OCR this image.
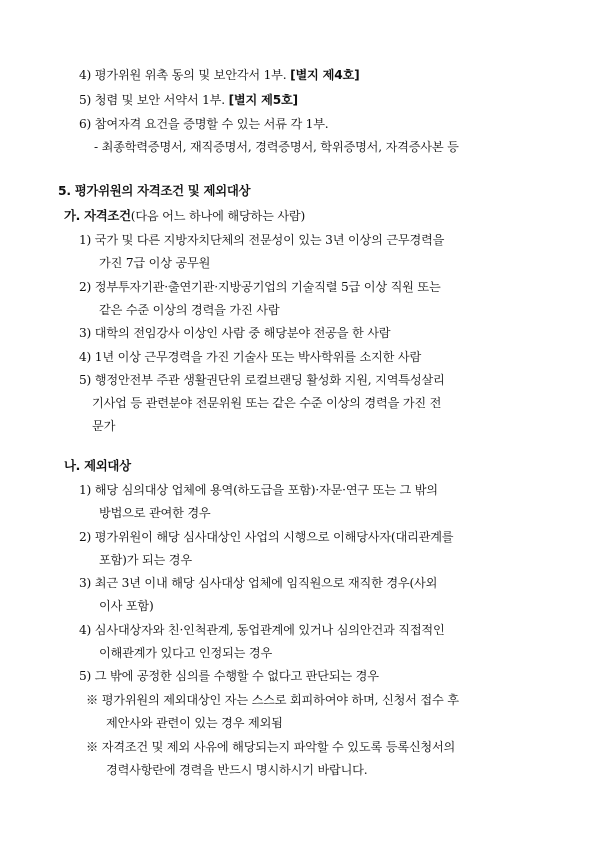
4) 평가위원 위촉 동의 및 보안각서 1부. [별지 제4호]
5) 청렴 및 보안 서약서 1부. [별지 제5호]
6) 참여자격 요건을 증명할 수 있는 서류 각 1부.
- 최종학력증명서, 재직증명서, 경력증명서, 학위증명서, 자격증사본 등
5. 평가위원의 자격조건 및 제외대상
가. 자격조건(다음 어느 하나에 해당하는 사람)
1) 국가 및 다른 지방자치단체의 전문성이 있는 3년 이상의 근무경력을
가진 7급 이상 공무원
2) 정부투자기관·출연기관·지방공기업의 기술직렬 5급 이상 직원 또는
같은 수준 이상의 경력을 가진 사람
3) 대학의 전임강사 이상인 사람 중 해당분야 전공을 한 사람
4) 1년 이상 근무경력을 가진 기술사 또는 박사학위를 소지한 사람
5) 행정안전부 주관 생활권단위 로컬브랜딩 활성화 지원, 지역특성살리
기사업 등 관련분야 전문위원 또는 같은 수준 이상의 경력을 가진 전
문가
나. 제외대상
1) 해당 심의대상 업체에 용역(하도급을 포함)·자문·연구 또는 그 밖의
방법으로 관여한 경우
2) 평가위원이 해당 심사대상인 사업의 시행으로 이해당사자(대리관계를
포함)가 되는 경우
3) 최근 3년 이내 해당 심사대상 업체에 임직원으로 재직한 경우(사외
이사 포함)
4) 심사대상자와 친·인척관계, 동업관계에 있거나 심의안건과 직접적인
이해관계가 있다고 인정되는 경우
5) 그 밖에 공정한 심의를 수행할 수 없다고 판단되는 경우
※ 평가위원의 제외대상인 자는 스스로 회피하여야 하며, 신청서 접수 후
제안사와 관련이 있는 경우 제외됨
※ 자격조건 및 제외 사유에 해당되는지 파악할 수 있도록 등록신청서의
경력사항란에 경력을 반드시 명시하시기 바랍니다.
